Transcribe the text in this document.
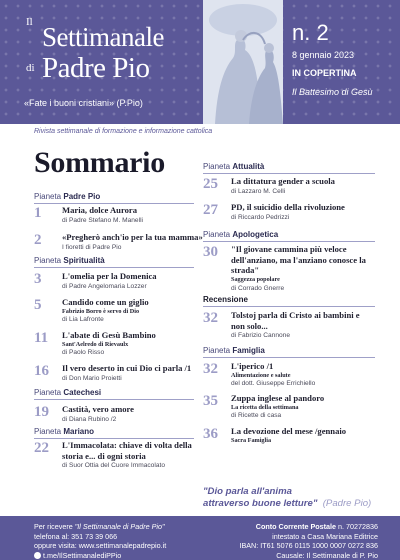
Il Settimanale
di Padre Pio
«Fate i buoni cristiani» (P.Pio)
n. 2
8 gennaio 2023
IN COPERTINA
Il Battesimo di Gesù
Rivista settimanale di formazione e informazione cattolica
Sommario
Pianeta Padre Pio
1	Maria, dolce Aurora
di Padre Stefano M. Manelli
2	«Pregherò anch'io per la tua mamma»
I fioretti di Padre Pio
Pianeta Spiritualità
3	L'omelia per la Domenica
di Padre Angelomaria Lozzer
5	Candido come un giglio
Fabrizio Borro è servo di Dio
di Lia Lafronte
11	L'abate di Gesù Bambino
Sant'Aelredo di Rievaulx
di Paolo Risso
16	Il vero deserto in cui Dio ci parla /1
di Don Mario Proietti
Pianeta Catechesi
19	Castità, vero amore
di Diana Rubino /2
Pianeta Mariano
22	L'Immacolata: chiave di volta della storia e... di ogni storia
di Suor Ottia del Cuore Immacolato
Pianeta Attualità
25	La dittatura gender a scuola
di Lazzaro M. Celli
27	PD, il suicidio della rivoluzione
di Riccardo Pedrizzi
Pianeta Apologetica
30	"Il giovane cammina più veloce dell'anziano, ma l'anziano conosce la strada"
Saggezza popolare
di Corrado Gnerre
Recensione
32	Tolstoj parla di Cristo ai bambini e non solo...
di Fabrizio Cannone
Pianeta Famiglia
32	L'iperico /1
Alimentazione e salute
del dott. Giuseppe Errichiello
35	Zuppa inglese al pandoro
La ricetta della settimana
di Ricette di casa
36	La devozione del mese /gennaio
Sacra Famiglia
"Dio parla all'anima
attraverso buone letture" (Padre Pio)
Per ricevere "Il Settimanale di Padre Pio"
telefona al: 351 73 39 066
oppure visita: www.settimanalepadrepio.it
t.me/IlSettimanalediPPio
Conto Corrente Postale n. 70272836
intestato a Casa Mariana Editrice
IBAN: IT61 5076 0115 1000 0007 0272 836
Causale: Il Settimanale di P. Pio
